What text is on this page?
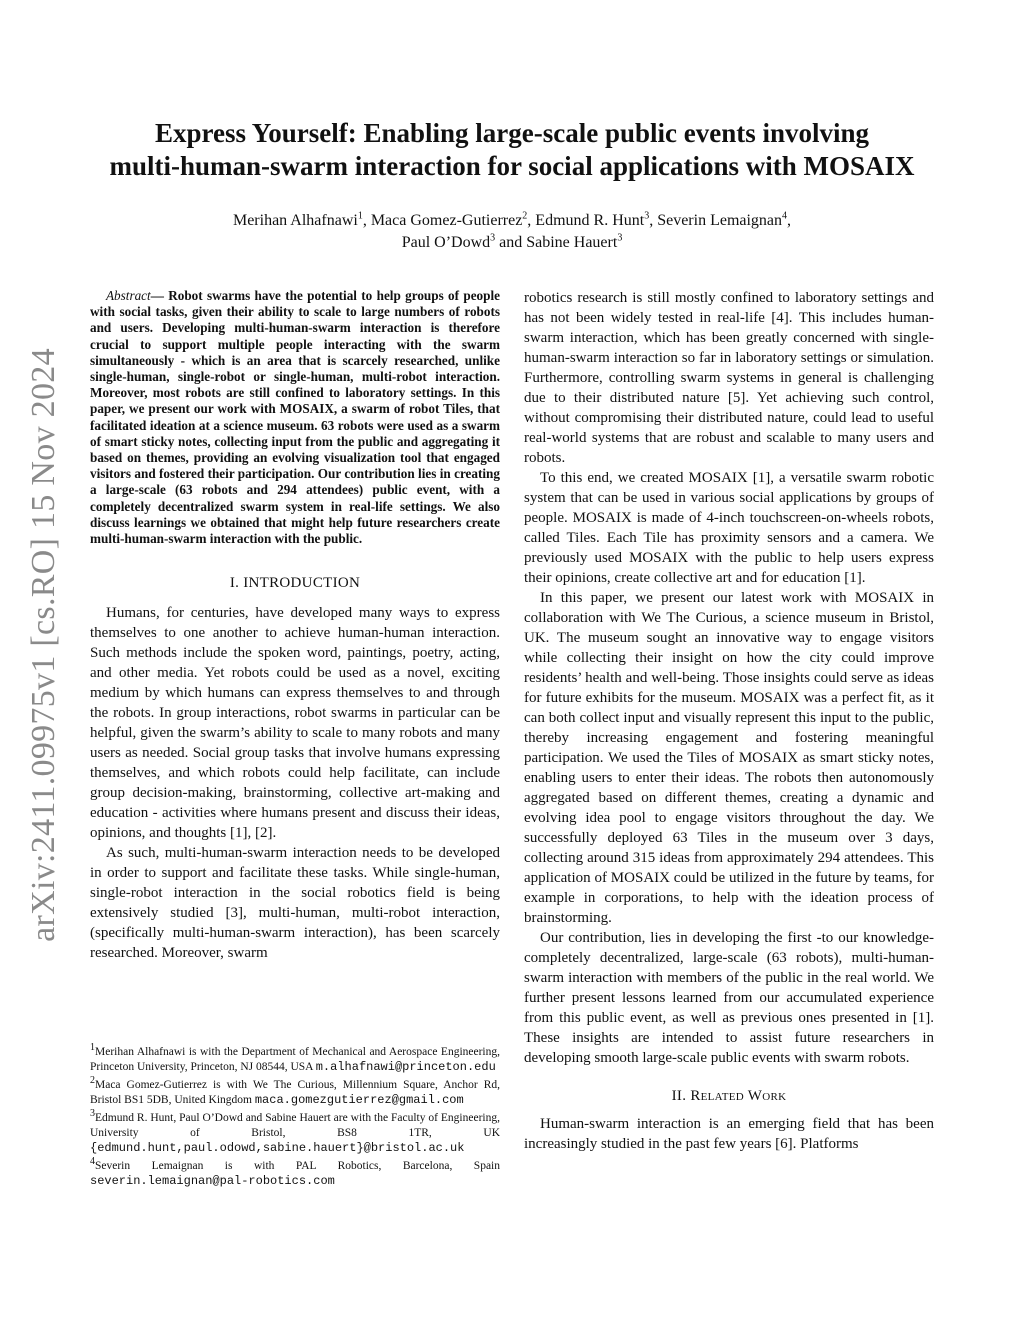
arXiv:2411.09975v1 [cs.RO] 15 Nov 2024
Express Yourself: Enabling large-scale public events involving
multi-human-swarm interaction for social applications with MOSAIX
Merihan Alhafnawi$^1$, Maca Gomez-Gutierrez$^2$, Edmund R. Hunt$^3$, Severin Lemaignan$^4$,
Paul O’Dowd$^3$ and Sabine Hauert$^3$

Abstract— Robot swarms have the potential to help groups of people with social tasks, given their ability to scale to large numbers of robots and users. Developing multi-human-swarm interaction is therefore crucial to support multiple people interacting with the swarm simultaneously - which is an area that is scarcely researched, unlike single-human, single-robot or single-human, multi-robot interaction. Moreover, most robots are still confined to laboratory settings. In this paper, we present our work with MOSAIX, a swarm of robot Tiles, that facilitated ideation at a science museum. 63 robots were used as a swarm of smart sticky notes, collecting input from the public and aggregating it based on themes, providing an evolving visualization tool that engaged visitors and fostered their participation. Our contribution lies in creating a large-scale (63 robots and 294 attendees) public event, with a completely decentralized swarm system in real-life settings. We also discuss learnings we obtained that might help future researchers create multi-human-swarm interaction with the public.

I. INTRODUCTION

Humans, for centuries, have developed many ways to express themselves to one another to achieve human-human interaction. Such methods include the spoken word, paintings, poetry, acting, and other media. Yet robots could be used as a novel, exciting medium by which humans can express themselves to and through the robots. In group interactions, robot swarms in particular can be helpful, given the swarm’s ability to scale to many robots and many users as needed. Social group tasks that involve humans expressing themselves, and which robots could help facilitate, can include group decision-making, brainstorming, collective art-making and education - activities where humans present and discuss their ideas, opinions, and thoughts [1], [2].

As such, multi-human-swarm interaction needs to be developed in order to support and facilitate these tasks. While single-human, single-robot interaction in the social robotics field is being extensively studied [3], multi-human, multi-robot interaction, (specifically multi-human-swarm interaction), has been scarcely researched. Moreover, swarm

$^1$Merihan Alhafnawi is with the Department of Mechanical and Aerospace Engineering, Princeton University, Princeton, NJ 08544, USA m.alhafnawi@princeton.edu

$^2$Maca Gomez-Gutierrez is with We The Curious, Millennium Square, Anchor Rd, Bristol BS1 5DB, United Kingdom maca.gomezgutierrez@gmail.com

$^3$Edmund R. Hunt, Paul O’Dowd and Sabine Hauert are with the Faculty of Engineering, University of Bristol, BS8 1TR, UK {edmund.hunt,paul.odowd,sabine.hauert}@bristol.ac.uk

$^4$Severin Lemaignan is with PAL Robotics, Barcelona, Spain severin.lemaignan@pal-robotics.com

robotics research is still mostly confined to laboratory settings and has not been widely tested in real-life [4]. This includes human-swarm interaction, which has been greatly concerned with single-human-swarm interaction so far in laboratory settings or simulation. Furthermore, controlling swarm systems in general is challenging due to their distributed nature [5]. Yet achieving such control, without compromising their distributed nature, could lead to useful real-world systems that are robust and scalable to many users and robots.

To this end, we created MOSAIX [1], a versatile swarm robotic system that can be used in various social applications by groups of people. MOSAIX is made of 4-inch touchscreen-on-wheels robots, called Tiles. Each Tile has proximity sensors and a camera. We previously used MOSAIX with the public to help users express their opinions, create collective art and for education [1].

In this paper, we present our latest work with MOSAIX in collaboration with We The Curious, a science museum in Bristol, UK. The museum sought an innovative way to engage visitors while collecting their insight on how the city could improve residents’ health and well-being. Those insights could serve as ideas for future exhibits for the museum. MOSAIX was a perfect fit, as it can both collect input and visually represent this input to the public, thereby increasing engagement and fostering meaningful participation. We used the Tiles of MOSAIX as smart sticky notes, enabling users to enter their ideas. The robots then autonomously aggregated based on different themes, creating a dynamic and evolving idea pool to engage visitors throughout the day. We successfully deployed 63 Tiles in the museum over 3 days, collecting around 315 ideas from approximately 294 attendees. This application of MOSAIX could be utilized in the future by teams, for example in corporations, to help with the ideation process of brainstorming.

Our contribution, lies in developing the first -to our knowledge- completely decentralized, large-scale (63 robots), multi-human-swarm interaction with members of the public in the real world. We further present lessons learned from our accumulated experience from this public event, as well as previous ones presented in [1]. These insights are intended to assist future researchers in developing smooth large-scale public events with swarm robots.

II. Related Work

Human-swarm interaction is an emerging field that has been increasingly studied in the past few years [6]. Platforms
